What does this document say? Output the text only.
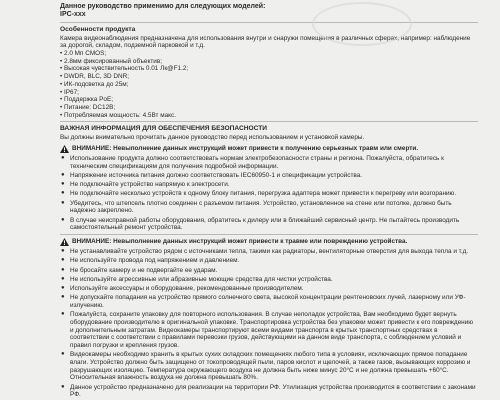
Данное руководство применимо для следующих моделей:

IPC-xxx

Особенности продукта

Камера видеонаблюдения предназначена для использования внутри и снаружи помещения в различных сферах, например: наблюдение за дорогой, складом, подземной парковкой и т.д.

• 2.0 Мп CMOS;

• 2.8мм фиксированный объектив;

• Высокая чувствительность 0.01 Лк@F1.2;

• DWDR, BLC, 3D DNR;

• ИК-подсветка до 25м;

• IP67;

• Поддержка PoE;

• Питание: DC12В;

• Потребляемая мощность: 4.5Вт макс.

ВАЖНАЯ ИНФОРМАЦИЯ ДЛЯ ОБЕСПЕЧЕНИЯ БЕЗОПАСНОСТИ

Вы должны внимательно прочитать данное руководство перед использованием и установкой камеры.

ВНИМАНИЕ: Невыполнение данных инструкций может привести к получению серьезных травм или смерти.
● Использование продукта должно соответствовать нормам электробезопасности страны и региона. Пожалуйста, обратитесь к техническим спецификациям для получения подробной информации.
● Напряжение источника питания должно соответствовать IEC60950-1 и спецификации устройства.
● Не подключайте устройство напрямую к электросети.
● Не подключайте несколько устройств к одному блоку питания, перегрузка адаптера может привести к перегреву или возгоранию.
● Убедитесь, что штепсель плотно соединен с разъемом питания. Устройство, установленное на стене или потолке, должно быть надежно закреплено.
● В случае неисправной работы оборудования, обратитесь к дилеру или в ближайший сервисный центр. Не пытайтесь производить самостоятельный ремонт устройства.
ВНИМАНИЕ: Невыполнение данных инструкций может привести к травме или повреждению устройства.
● Не устанавливайте устройство рядом с источниками тепла, такими как радиаторы, вентиляторные отверстия для выхода тепла и т.д.
● Не используйте провода под напряжением и давлением.
● Не бросайте камеру и не подвергайте ее ударам.
● Не используйте агрессивные или абразивные моющие средства для чистки устройства.
● Используйте аксессуары и оборудование, рекомендованные производителем.
● Не допускайте попадания на устройство прямого солнечного света, высокой концентрации рентгеновских лучей, лазерному или УФ-излучению.
● Пожалуйста, сохраните упаковку для повторного использования. В случае неполадок устройства, Вам необходимо будет вернуть оборудование производителю в оригинальной упаковке. Транспортировка устройства без упаковки может привести к его повреждению и дополнительным затратам. Видеокамеры транспортируют всеми видами транспорта в крытых транспортных средствах в соответствии с соответствии с правилами перевозки грузов, действующими на данном виде транспорта, с соблюдением условий и правил погрузки и крепления грузов.
● Видеокамеры необходимо хранить в крытых сухих складских помещениях любого типа в условиях, исключающих прямое попадание влаги. Устройство должно быть защищено от токопроводящей пыли, паров кислот и щелочей, а также газов, вызывающих коррозию и разрушающих изоляцию. Температура окружающего воздуха не должна быть ниже минус 20°С и не должна превышать +60°С. Относительная влажность воздуха не должна превышать 80%.
● Данное устройство предназначено для реализации на территории РФ. Утилизация устройства производится в соответствии с законами РФ.
